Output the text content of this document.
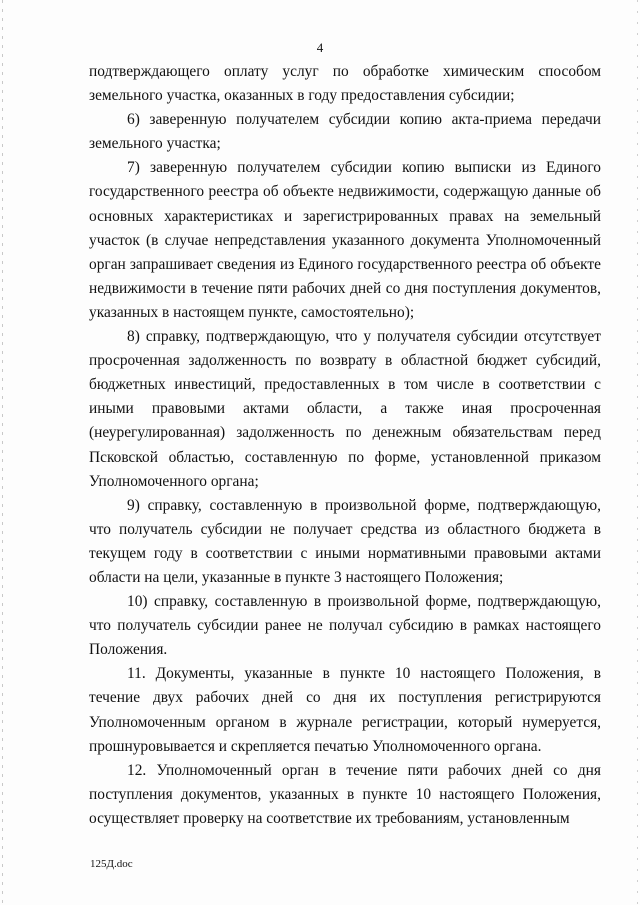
4

подтверждающего оплату услуг по обработке химическим способом земельного участка, оказанных в году предоставления субсидии;

6) заверенную получателем субсидии копию акта-приема передачи земельного участка;

7) заверенную получателем субсидии копию выписки из Единого государственного реестра об объекте недвижимости, содержащую данные об основных характеристиках и зарегистрированных правах на земельный участок (в случае непредставления указанного документа Уполномоченный орган запрашивает сведения из Единого государственного реестра об объекте недвижимости в течение пяти рабочих дней со дня поступления документов, указанных в настоящем пункте, самостоятельно);

8) справку, подтверждающую, что у получателя субсидии отсутствует просроченная задолженность по возврату в областной бюджет субсидий, бюджетных инвестиций, предоставленных в том числе в соответствии с иными правовыми актами области, а также иная просроченная (неурегулированная) задолженность по денежным обязательствам перед Псковской областью, составленную по форме, установленной приказом Уполномоченного органа;

9) справку, составленную в произвольной форме, подтверждающую, что получатель субсидии не получает средства из областного бюджета в текущем году в соответствии с иными нормативными правовыми актами области на цели, указанные в пункте 3 настоящего Положения;

10) справку, составленную в произвольной форме, подтверждающую, что получатель субсидии ранее не получал субсидию в рамках настоящего Положения.

11. Документы, указанные в пункте 10 настоящего Положения, в течение двух рабочих дней со дня их поступления регистрируются Уполномоченным органом в журнале регистрации, который нумеруется, прошнуровывается и скрепляется печатью Уполномоченного органа.

12. Уполномоченный орган в течение пяти рабочих дней со дня поступления документов, указанных в пункте 10 настоящего Положения, осуществляет проверку на соответствие их требованиям, установленным

125Д.doc
